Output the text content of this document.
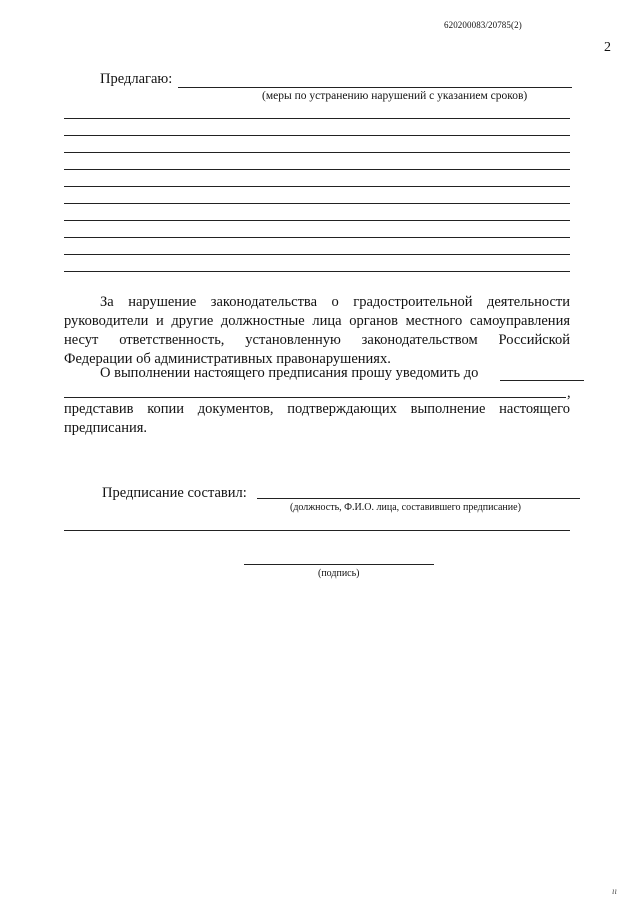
620200083/20785(2)
2
Предлагаю:
(меры по устранению нарушений с указанием сроков)
За нарушение законодательства о градостроительной деятельности руководители и другие должностные лица органов местного самоуправления несут ответственность, установленную законодательством Российской Федерации об административных правонарушениях.
О выполнении настоящего предписания прошу уведомить до
,
представив копии документов, подтверждающих выполнение настоящего предписания.
Предписание составил:
(должность, Ф.И.О. лица, составившего предписание)
(подпись)
ıı
